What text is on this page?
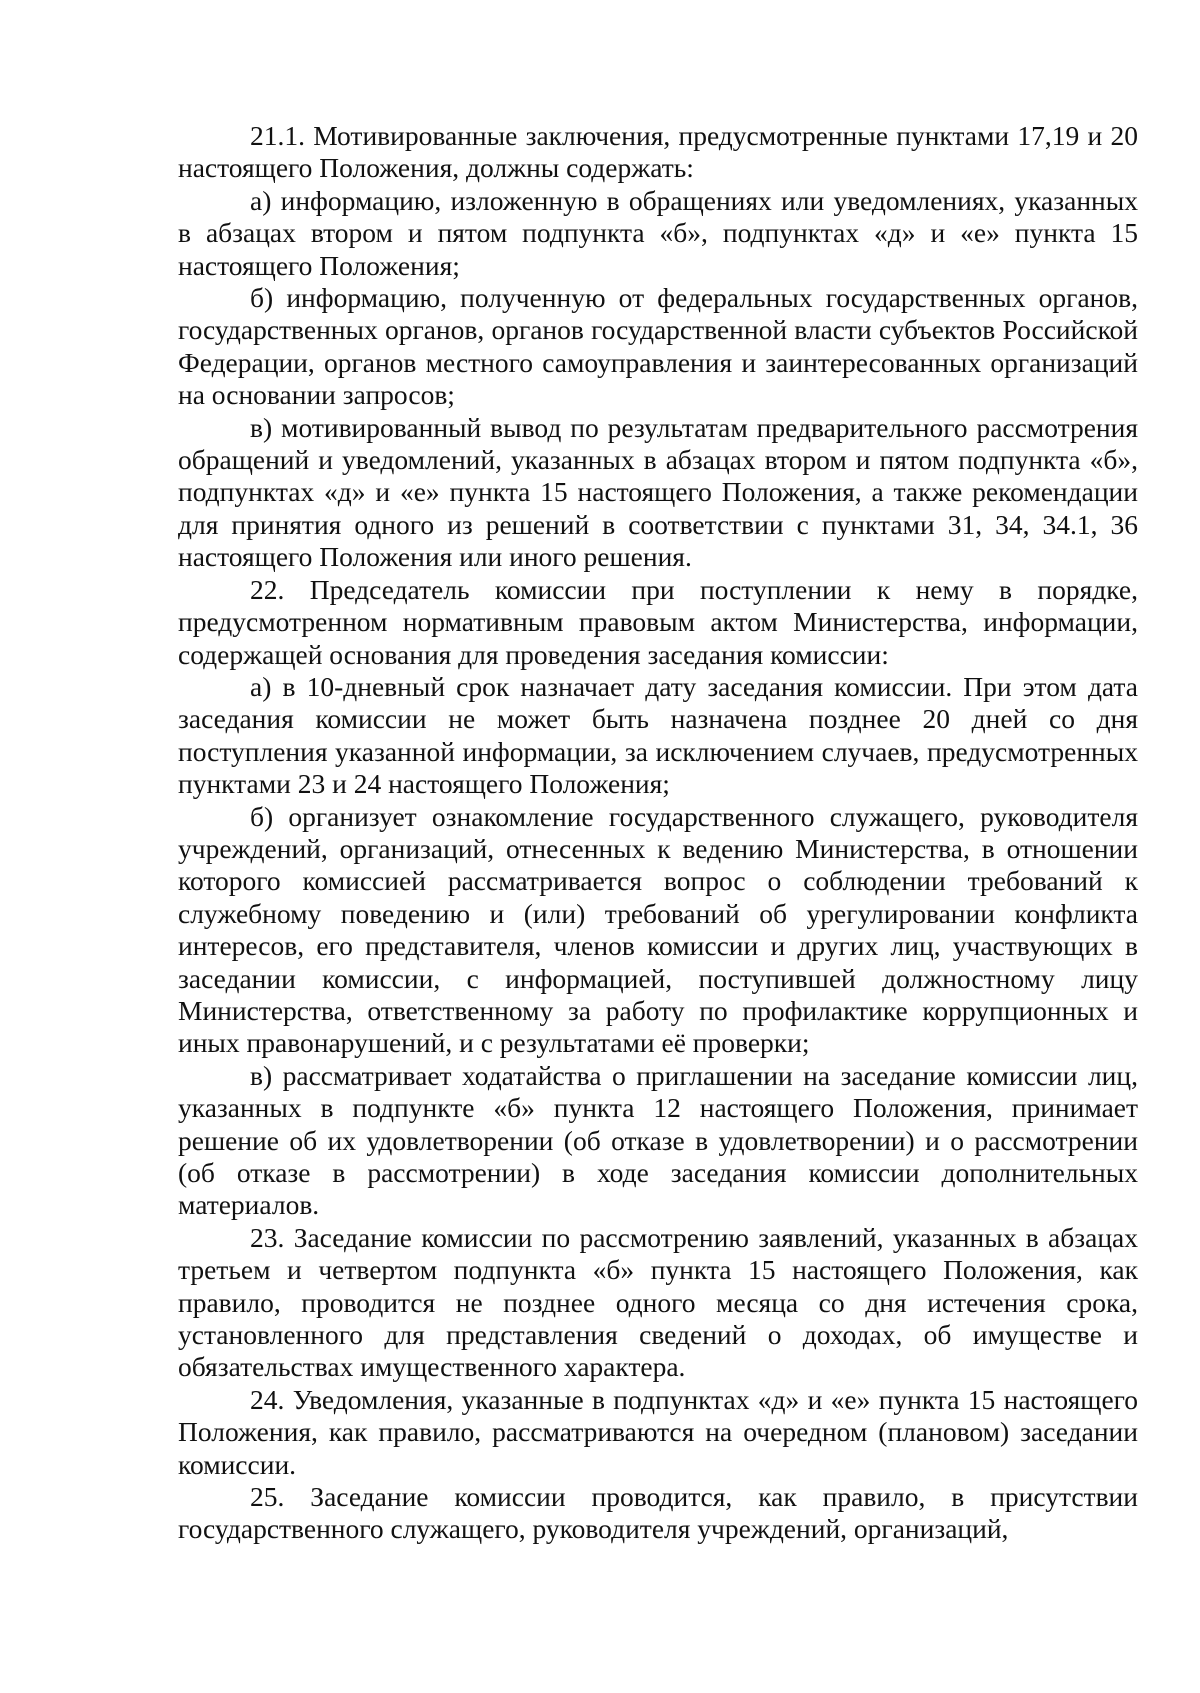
21.1. Мотивированные заключения, предусмотренные пунктами 17,19 и 20 настоящего Положения, должны содержать:

а) информацию, изложенную в обращениях или уведомлениях, указанных в абзацах втором и пятом подпункта «б», подпунктах «д» и «е» пункта 15 настоящего Положения;

б) информацию, полученную от федеральных государственных органов, государственных органов, органов государственной власти субъектов Российской Федерации, органов местного самоуправления и заинтересованных организаций на основании запросов;

в) мотивированный вывод по результатам предварительного рассмотрения обращений и уведомлений, указанных в абзацах втором и пятом подпункта «б», подпунктах «д» и «е» пункта 15 настоящего Положения, а также рекомендации для принятия одного из решений в соответствии с пунктами 31, 34, 34.1, 36 настоящего Положения или иного решения.

22. Председатель комиссии при поступлении к нему в порядке, предусмотренном нормативным правовым актом Министерства, информации, содержащей основания для проведения заседания комиссии:

а) в 10-дневный срок назначает дату заседания комиссии. При этом дата заседания комиссии не может быть назначена позднее 20 дней со дня поступления указанной информации, за исключением случаев, предусмотренных пунктами 23 и 24 настоящего Положения;

б) организует ознакомление государственного служащего, руководителя учреждений, организаций, отнесенных к ведению Министерства, в отношении которого комиссией рассматривается вопрос о соблюдении требований к служебному поведению и (или) требований об урегулировании конфликта интересов, его представителя, членов комиссии и других лиц, участвующих в заседании комиссии, с информацией, поступившей должностному лицу Министерства, ответственному за работу по профилактике коррупционных и иных правонарушений, и с результатами её проверки;

в) рассматривает ходатайства о приглашении на заседание комиссии лиц, указанных в подпункте «б» пункта 12 настоящего Положения, принимает решение об их удовлетворении (об отказе в удовлетворении) и о рассмотрении (об отказе в рассмотрении) в ходе заседания комиссии дополнительных материалов.

23. Заседание комиссии по рассмотрению заявлений, указанных в абзацах третьем и четвертом подпункта «б» пункта 15 настоящего Положения, как правило, проводится не позднее одного месяца со дня истечения срока, установленного для представления сведений о доходах, об имуществе и обязательствах имущественного характера.

24. Уведомления, указанные в подпунктах «д» и «е» пункта 15 настоящего Положения, как правило, рассматриваются на очередном (плановом) заседании комиссии.

25. Заседание комиссии проводится, как правило, в присутствии государственного служащего, руководителя учреждений, организаций,
